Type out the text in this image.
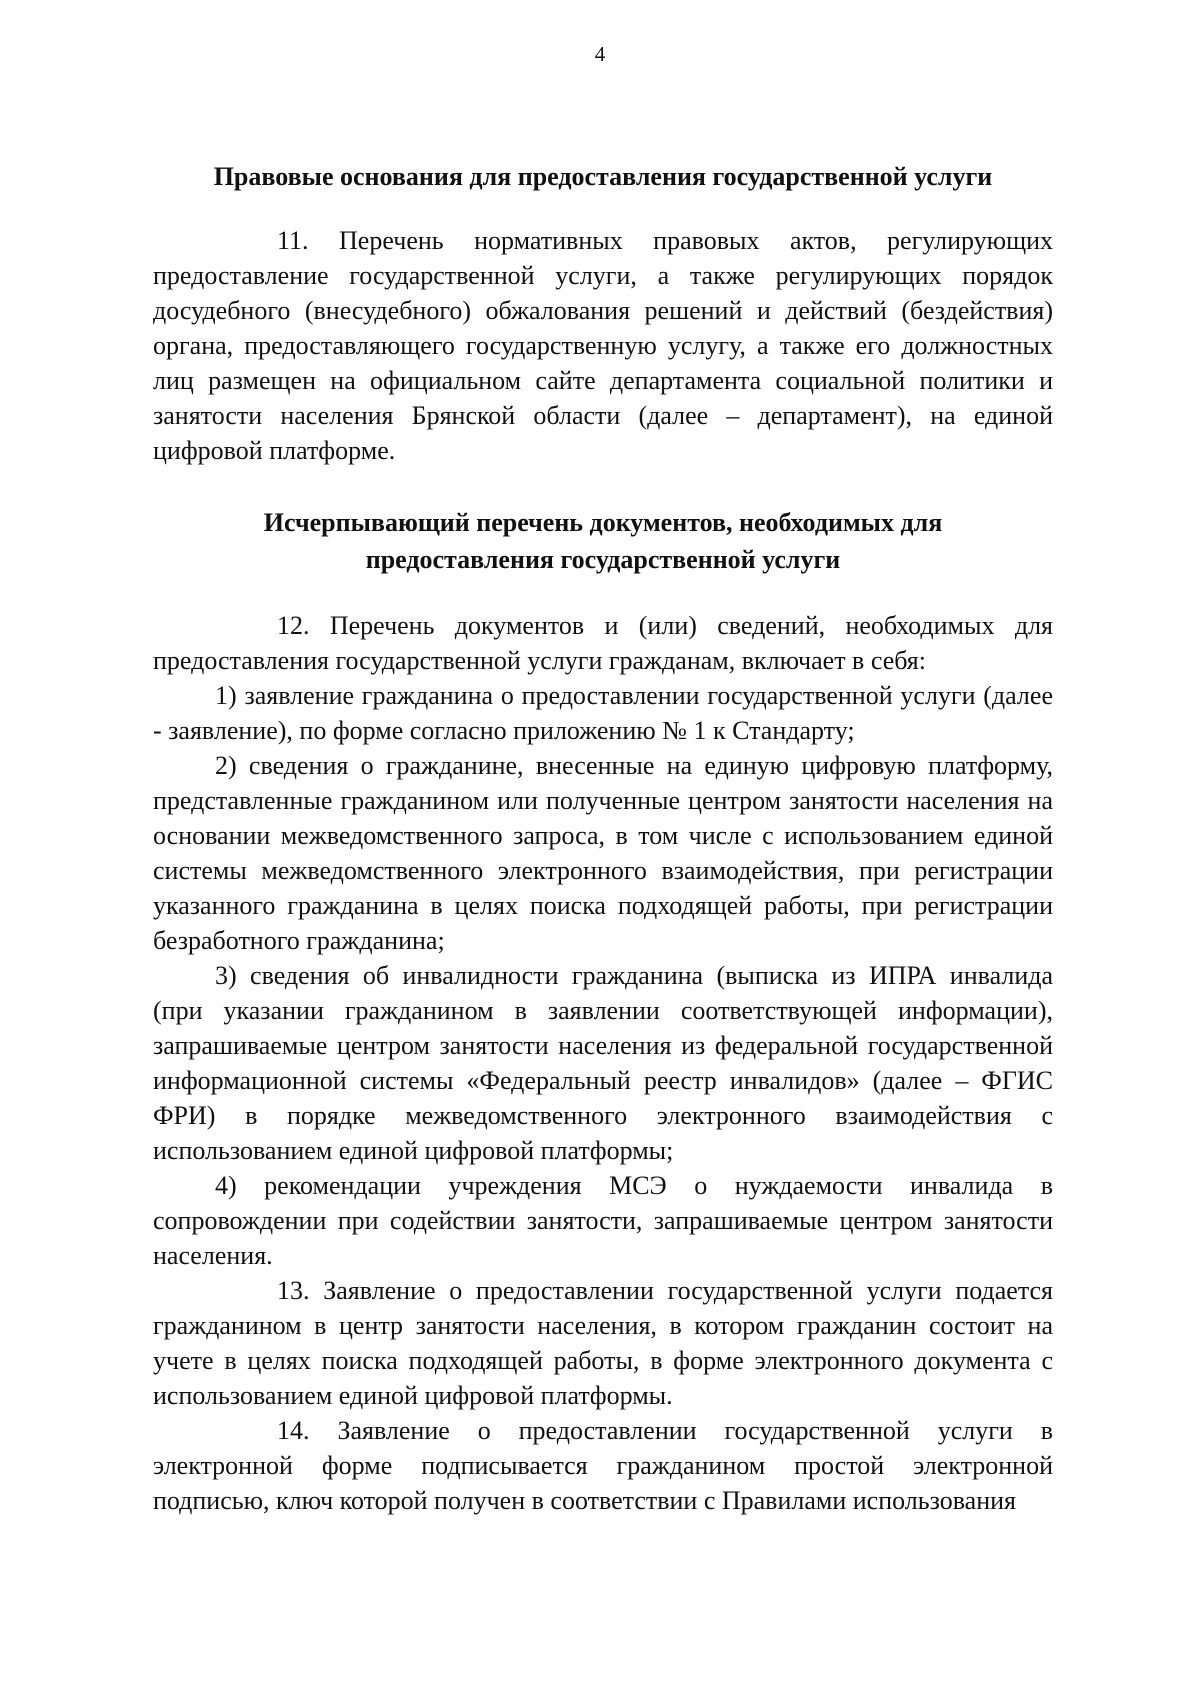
4

Правовые основания для предоставления государственной услуги

11. Перечень нормативных правовых актов, регулирующих предоставление государственной услуги, а также регулирующих порядок досудебного (внесудебного) обжалования решений и действий (бездействия) органа, предоставляющего государственную услугу, а также его должностных лиц размещен на официальном сайте департамента социальной политики и занятости населения Брянской области (далее – департамент), на единой цифровой платформе.

Исчерпывающий перечень документов, необходимых для
предоставления государственной услуги

12. Перечень документов и (или) сведений, необходимых для предоставления государственной услуги гражданам, включает в себя:

1) заявление гражданина о предоставлении государственной услуги (далее - заявление), по форме согласно приложению № 1 к Стандарту;

2) сведения о гражданине, внесенные на единую цифровую платформу, представленные гражданином или полученные центром занятости населения на основании межведомственного запроса, в том числе с использованием единой системы межведомственного электронного взаимодействия, при регистрации указанного гражданина в целях поиска подходящей работы, при регистрации безработного гражданина;

3) сведения об инвалидности гражданина (выписка из ИПРА инвалида (при указании гражданином в заявлении соответствующей информации), запрашиваемые центром занятости населения из федеральной государственной информационной системы «Федеральный реестр инвалидов» (далее – ФГИС ФРИ) в порядке межведомственного электронного взаимодействия с использованием единой цифровой платформы;

4) рекомендации учреждения МСЭ о нуждаемости инвалида в сопровождении при содействии занятости, запрашиваемые центром занятости населения.

13. Заявление о предоставлении государственной услуги подается гражданином в центр занятости населения, в котором гражданин состоит на учете в целях поиска подходящей работы, в форме электронного документа с использованием единой цифровой платформы.

14. Заявление о предоставлении государственной услуги в электронной форме подписывается гражданином простой электронной подписью, ключ которой получен в соответствии с Правилами использования
